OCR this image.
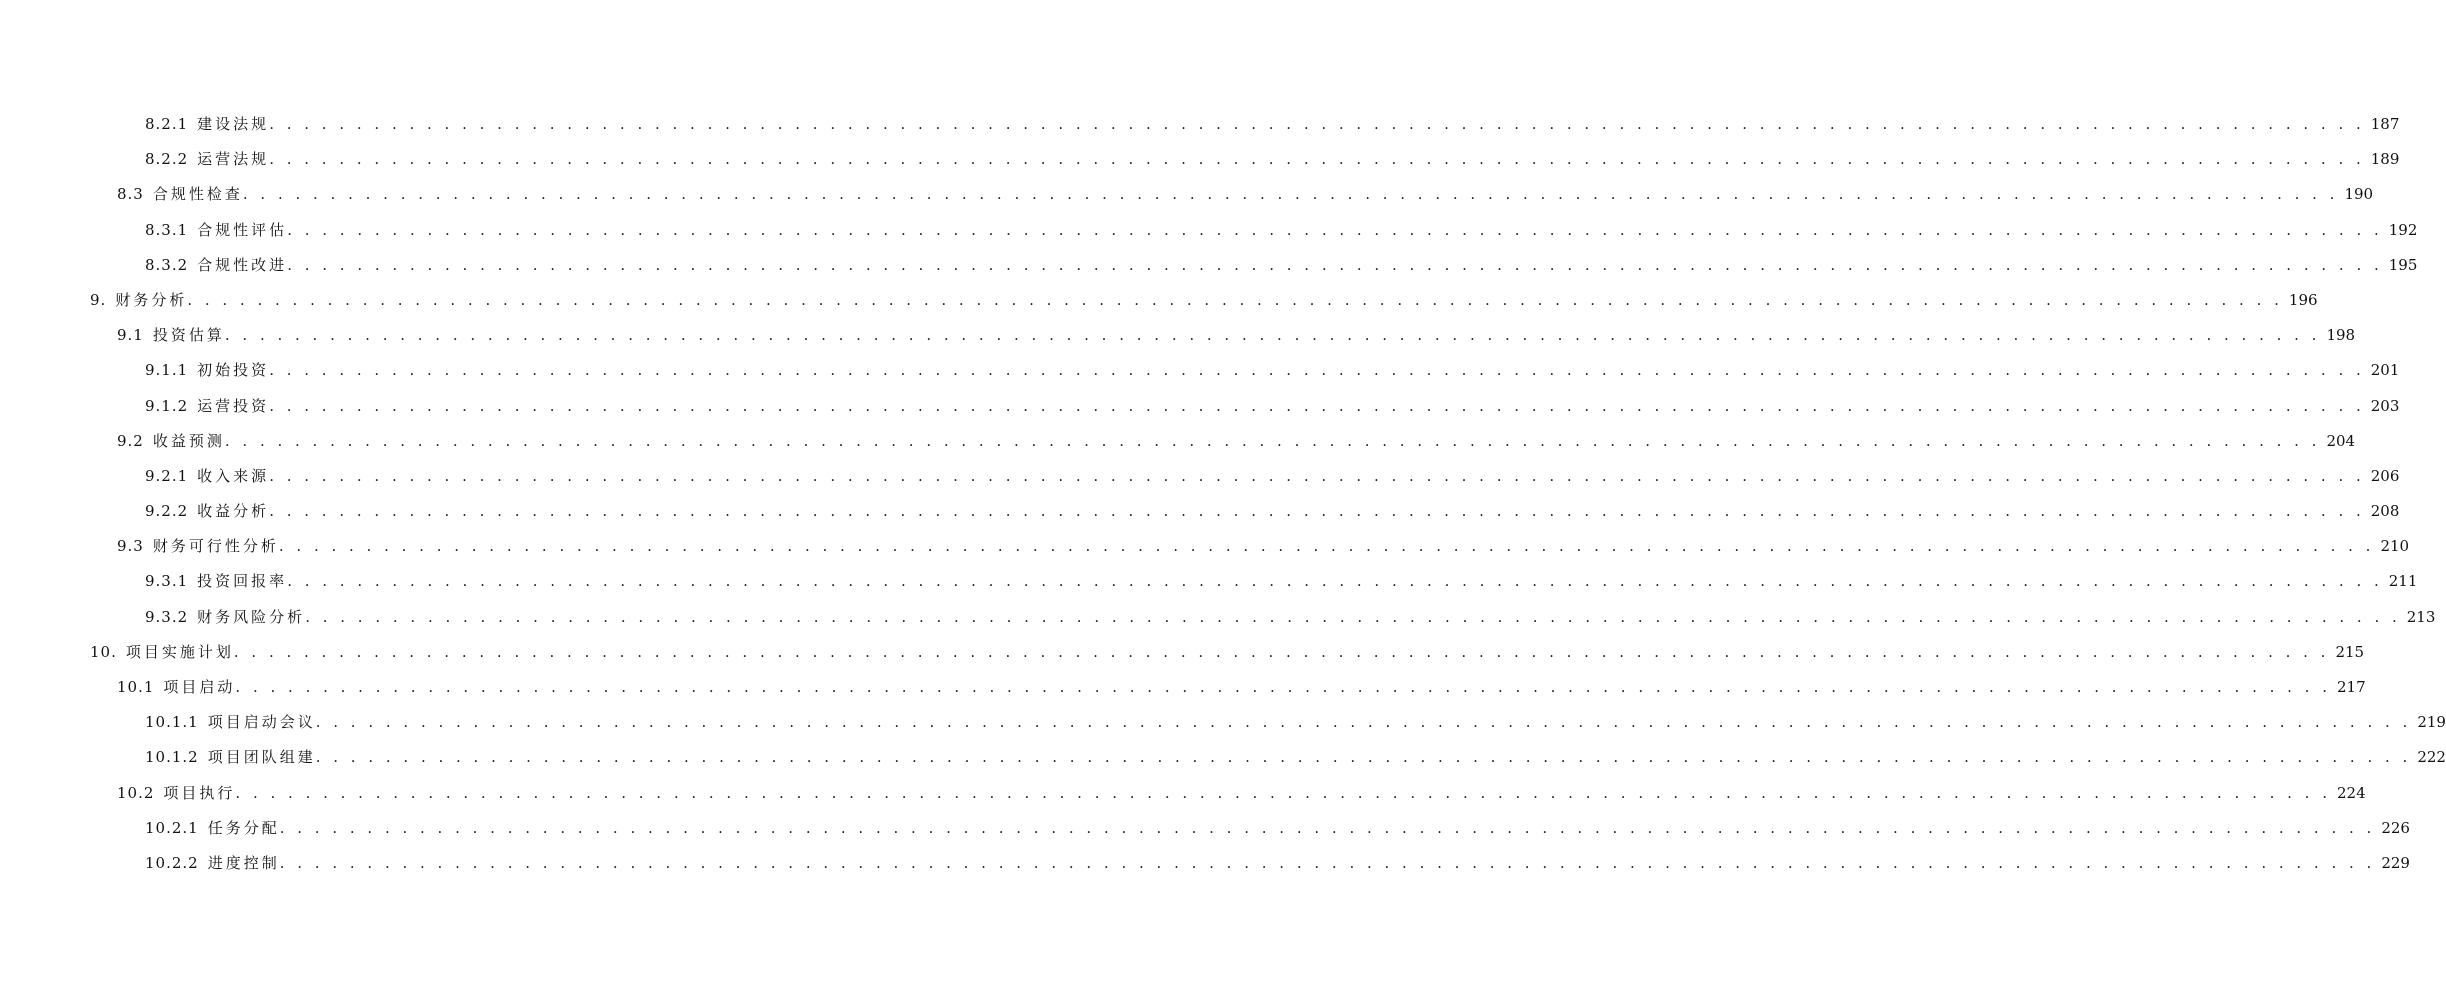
8.2.1 建设法规 . . . . . . . . . . . . . . . . . . . . . . . . . . . . . . . . . . . . . . . . . . . . . . . . . . . . . . . . . . . . . . . . . . . . . . . . . . . . . . . . . . . . . . . . . . . . . . . . . . . . . . . . . . . . . . . . . . . . . . . . 187
8.2.2 运营法规 . . . . . . . . . . . . . . . . . . . . . . . . . . . . . . . . . . . . . . . . . . . . . . . . . . . . . . . . . . . . . . . . . . . . . . . . . . . . . . . . . . . . . . . . . . . . . . . . . . . . . . . . . . . . . . . . . . . . . . . . 189
8.3 合规性检查 . . . . . . . . . . . . . . . . . . . . . . . . . . . . . . . . . . . . . . . . . . . . . . . . . . . . . . . . . . . . . . . . . . . . . . . . . . . . . . . . . . . . . . . . . . . . . . . . . . . . . . . . . . . . . . . . . . . . . . . . 190
8.3.1 合规性评估 . . . . . . . . . . . . . . . . . . . . . . . . . . . . . . . . . . . . . . . . . . . . . . . . . . . . . . . . . . . . . . . . . . . . . . . . . . . . . . . . . . . . . . . . . . . . . . . . . . . . . . . . . . . . . . . . . . . . . . . . 192
8.3.2 合规性改进 . . . . . . . . . . . . . . . . . . . . . . . . . . . . . . . . . . . . . . . . . . . . . . . . . . . . . . . . . . . . . . . . . . . . . . . . . . . . . . . . . . . . . . . . . . . . . . . . . . . . . . . . . . . . . . . . . . . . . . . . 195
9. 财务分析 . . . . . . . . . . . . . . . . . . . . . . . . . . . . . . . . . . . . . . . . . . . . . . . . . . . . . . . . . . . . . . . . . . . . . . . . . . . . . . . . . . . . . . . . . . . . . . . . . . . . . . . . . . . . . . . . . . . . . . . . 196
9.1 投资估算 . . . . . . . . . . . . . . . . . . . . . . . . . . . . . . . . . . . . . . . . . . . . . . . . . . . . . . . . . . . . . . . . . . . . . . . . . . . . . . . . . . . . . . . . . . . . . . . . . . . . . . . . . . . . . . . . . . . . . . . . 198
9.1.1 初始投资 . . . . . . . . . . . . . . . . . . . . . . . . . . . . . . . . . . . . . . . . . . . . . . . . . . . . . . . . . . . . . . . . . . . . . . . . . . . . . . . . . . . . . . . . . . . . . . . . . . . . . . . . . . . . . . . . . . . . . . . . 201
9.1.2 运营投资 . . . . . . . . . . . . . . . . . . . . . . . . . . . . . . . . . . . . . . . . . . . . . . . . . . . . . . . . . . . . . . . . . . . . . . . . . . . . . . . . . . . . . . . . . . . . . . . . . . . . . . . . . . . . . . . . . . . . . . . . 203
9.2 收益预测 . . . . . . . . . . . . . . . . . . . . . . . . . . . . . . . . . . . . . . . . . . . . . . . . . . . . . . . . . . . . . . . . . . . . . . . . . . . . . . . . . . . . . . . . . . . . . . . . . . . . . . . . . . . . . . . . . . . . . . . . 204
9.2.1 收入来源 . . . . . . . . . . . . . . . . . . . . . . . . . . . . . . . . . . . . . . . . . . . . . . . . . . . . . . . . . . . . . . . . . . . . . . . . . . . . . . . . . . . . . . . . . . . . . . . . . . . . . . . . . . . . . . . . . . . . . . . . 206
9.2.2 收益分析 . . . . . . . . . . . . . . . . . . . . . . . . . . . . . . . . . . . . . . . . . . . . . . . . . . . . . . . . . . . . . . . . . . . . . . . . . . . . . . . . . . . . . . . . . . . . . . . . . . . . . . . . . . . . . . . . . . . . . . . . 208
9.3 财务可行性分析 . . . . . . . . . . . . . . . . . . . . . . . . . . . . . . . . . . . . . . . . . . . . . . . . . . . . . . . . . . . . . . . . . . . . . . . . . . . . . . . . . . . . . . . . . . . . . . . . . . . . . . . . . . . . . . . . . . . . . . . . 210
9.3.1 投资回报率 . . . . . . . . . . . . . . . . . . . . . . . . . . . . . . . . . . . . . . . . . . . . . . . . . . . . . . . . . . . . . . . . . . . . . . . . . . . . . . . . . . . . . . . . . . . . . . . . . . . . . . . . . . . . . . . . . . . . . . . . 211
9.3.2 财务风险分析 . . . . . . . . . . . . . . . . . . . . . . . . . . . . . . . . . . . . . . . . . . . . . . . . . . . . . . . . . . . . . . . . . . . . . . . . . . . . . . . . . . . . . . . . . . . . . . . . . . . . . . . . . . . . . . . . . . . . . . . . 213
10. 项目实施计划 . . . . . . . . . . . . . . . . . . . . . . . . . . . . . . . . . . . . . . . . . . . . . . . . . . . . . . . . . . . . . . . . . . . . . . . . . . . . . . . . . . . . . . . . . . . . . . . . . . . . . . . . . . . . . . . . . . . . . . . . 215
10.1 项目启动 . . . . . . . . . . . . . . . . . . . . . . . . . . . . . . . . . . . . . . . . . . . . . . . . . . . . . . . . . . . . . . . . . . . . . . . . . . . . . . . . . . . . . . . . . . . . . . . . . . . . . . . . . . . . . . . . . . . . . . . . 217
10.1.1 项目启动会议 . . . . . . . . . . . . . . . . . . . . . . . . . . . . . . . . . . . . . . . . . . . . . . . . . . . . . . . . . . . . . . . . . . . . . . . . . . . . . . . . . . . . . . . . . . . . . . . . . . . . . . . . . . . . . . . . . . . . . . . . 219
10.1.2 项目团队组建 . . . . . . . . . . . . . . . . . . . . . . . . . . . . . . . . . . . . . . . . . . . . . . . . . . . . . . . . . . . . . . . . . . . . . . . . . . . . . . . . . . . . . . . . . . . . . . . . . . . . . . . . . . . . . . . . . . . . . . . . 222
10.2 项目执行 . . . . . . . . . . . . . . . . . . . . . . . . . . . . . . . . . . . . . . . . . . . . . . . . . . . . . . . . . . . . . . . . . . . . . . . . . . . . . . . . . . . . . . . . . . . . . . . . . . . . . . . . . . . . . . . . . . . . . . . . 224
10.2.1 任务分配 . . . . . . . . . . . . . . . . . . . . . . . . . . . . . . . . . . . . . . . . . . . . . . . . . . . . . . . . . . . . . . . . . . . . . . . . . . . . . . . . . . . . . . . . . . . . . . . . . . . . . . . . . . . . . . . . . . . . . . . . 226
10.2.2 进度控制 . . . . . . . . . . . . . . . . . . . . . . . . . . . . . . . . . . . . . . . . . . . . . . . . . . . . . . . . . . . . . . . . . . . . . . . . . . . . . . . . . . . . . . . . . . . . . . . . . . . . . . . . . . . . . . . . . . . . . . . . 229
